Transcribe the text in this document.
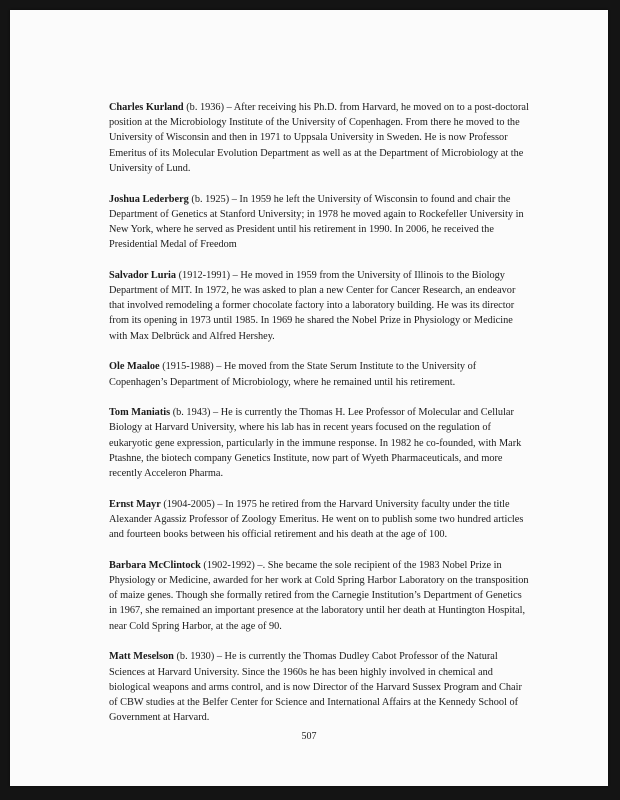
Charles Kurland (b. 1936) – After receiving his Ph.D. from Harvard, he moved on to a post-doctoral position at the Microbiology Institute of the University of Copenhagen. From there he moved to the University of Wisconsin and then in 1971 to Uppsala University in Sweden. He is now Professor Emeritus of its Molecular Evolution Department as well as at the Department of Microbiology at the University of Lund.

Joshua Lederberg (b. 1925) – In 1959 he left the University of Wisconsin to found and chair the Department of Genetics at Stanford University; in 1978 he moved again to Rockefeller University in New York, where he served as President until his retirement in 1990. In 2006, he received the Presidential Medal of Freedom

Salvador Luria (1912-1991) – He moved in 1959 from the University of Illinois to the Biology Department of MIT. In 1972, he was asked to plan a new Center for Cancer Research, an endeavor that involved remodeling a former chocolate factory into a laboratory building. He was its director from its opening in 1973 until 1985. In 1969 he shared the Nobel Prize in Physiology or Medicine with Max Delbrück and Alfred Hershey.

Ole Maaloe (1915-1988) – He moved from the State Serum Institute to the University of Copenhagen’s Department of Microbiology, where he remained until his retirement.

Tom Maniatis (b. 1943) – He is currently the Thomas H. Lee Professor of Molecular and Cellular Biology at Harvard University, where his lab has in recent years focused on the regulation of eukaryotic gene expression, particularly in the immune response. In 1982 he co-founded, with Mark Ptashne, the biotech company Genetics Institute, now part of Wyeth Pharmaceuticals, and more recently Acceleron Pharma.

Ernst Mayr (1904-2005) – In 1975 he retired from the Harvard University faculty under the title Alexander Agassiz Professor of Zoology Emeritus. He went on to publish some two hundred articles and fourteen books between his official retirement and his death at the age of 100.

Barbara McClintock (1902-1992) –. She became the sole recipient of the 1983 Nobel Prize in Physiology or Medicine, awarded for her work at Cold Spring Harbor Laboratory on the transposition of maize genes. Though she formally retired from the Carnegie Institution’s Department of Genetics in 1967, she remained an important presence at the laboratory until her death at Huntington Hospital, near Cold Spring Harbor, at the age of 90.

Matt Meselson (b. 1930) – He is currently the Thomas Dudley Cabot Professor of the Natural Sciences at Harvard University. Since the 1960s he has been highly involved in chemical and biological weapons and arms control, and is now Director of the Harvard Sussex Program and Chair of CBW studies at the Belfer Center for Science and International Affairs at the Kennedy School of Government at Harvard.

507
